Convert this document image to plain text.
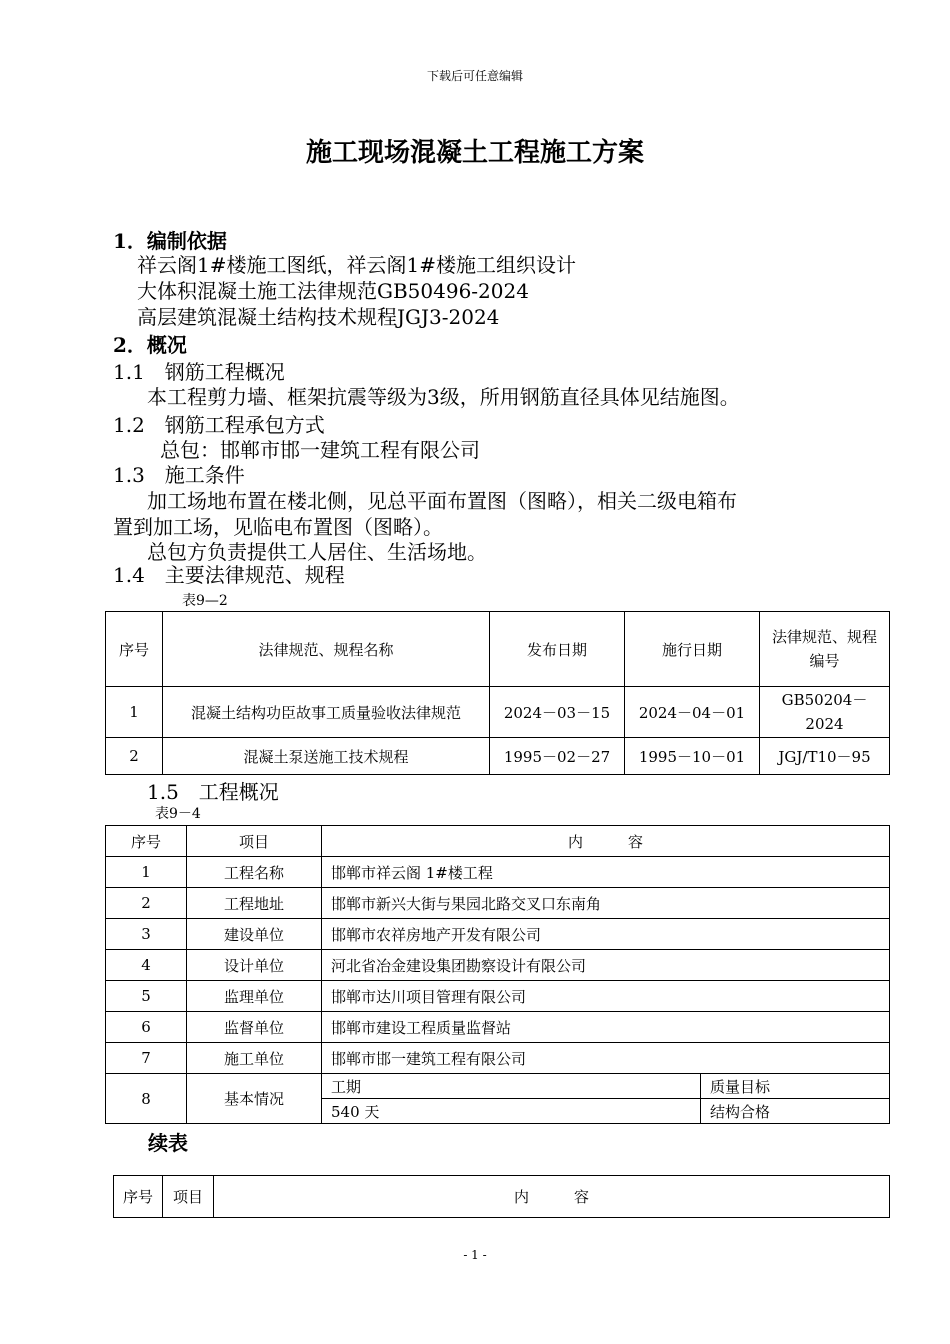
下载后可任意编辑
施工现场混凝土工程施工方案
1．编制依据
祥云阁1#楼施工图纸，祥云阁1#楼施工组织设计
大体积混凝土施工法律规范GB50496-2024
高层建筑混凝土结构技术规程JGJ3-2024
2．概况
1.1　钢筋工程概况
本工程剪力墙、框架抗震等级为3级，所用钢筋直径具体见结施图。
1.2　钢筋工程承包方式
总包：邯郸市邯一建筑工程有限公司
1.3　施工条件
加工场地布置在楼北侧，见总平面布置图（图略），相关二级电箱布
置到加工场，见临电布置图（图略）。
总包方负责提供工人居住、生活场地。
1.4　主要法律规范、规程
表9—2
序号	法律规范、规程名称	发布日期	施行日期	法律规范、规程
编号
1	混凝土结构功臣故事工质量验收法律规范	2024－03－15	2024－04－01	GB50204－
2024
2	混凝土泵送施工技术规程	1995－02－27	1995－10－01	JGJ/T10－95
1.5　工程概况
表9－4
序号	项目	内　　　容	
1	工程名称	邯郸市祥云阁 1#楼工程	
2	工程地址	邯郸市新兴大街与果园北路交叉口东南角	
3	建设单位	邯郸市农祥房地产开发有限公司	
4	设计单位	河北省冶金建设集团勘察设计有限公司	
5	监理单位	邯郸市达川项目管理有限公司	
6	监督单位	邯郸市建设工程质量监督站	
7	施工单位	邯郸市邯一建筑工程有限公司	
8	基本情况	工期	质量目标
		540 天	结构合格
续表
序号	项目	内　　　容
- 1 -
